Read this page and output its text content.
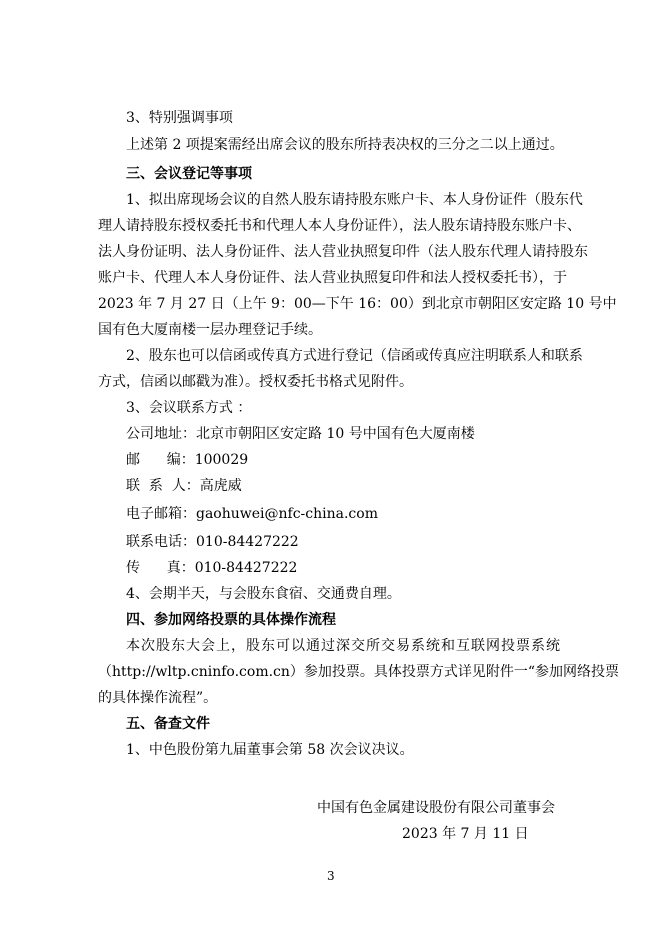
3、特别强调事项
上述第 2 项提案需经出席会议的股东所持表决权的三分之二以上通过。
三、会议登记等事项
1、拟出席现场会议的自然人股东请持股东账户卡、本人身份证件（股东代
理人请持股东授权委托书和代理人本人身份证件），法人股东请持股东账户卡、
法人身份证明、法人身份证件、法人营业执照复印件（法人股东代理人请持股东
账户卡、代理人本人身份证件、法人营业执照复印件和法人授权委托书），于
2023 年 7 月 27 日（上午 9：00—下午 16：00）到北京市朝阳区安定路 10 号中
国有色大厦南楼一层办理登记手续。
2、股东也可以信函或传真方式进行登记（信函或传真应注明联系人和联系
方式，信函以邮戳为准）。授权委托书格式见附件。
3、会议联系方式 ：
公司地址：北京市朝阳区安定路 10 号中国有色大厦南楼
邮      编：100029
联  系  人：高虎威
电子邮箱：gaohuwei@nfc-china.com
联系电话：010-84427222
传      真：010-84427222
4、会期半天，与会股东食宿、交通费自理。
四、参加网络投票的具体操作流程
本次股东大会上，股东可以通过深交所交易系统和互联网投票系统
（http://wltp.cninfo.com.cn）参加投票。具体投票方式详见附件一“参加网络投票
的具体操作流程”。
五、备查文件
1、中色股份第九届董事会第 58 次会议决议。
中国有色金属建设股份有限公司董事会
2023 年 7 月 11 日
3
